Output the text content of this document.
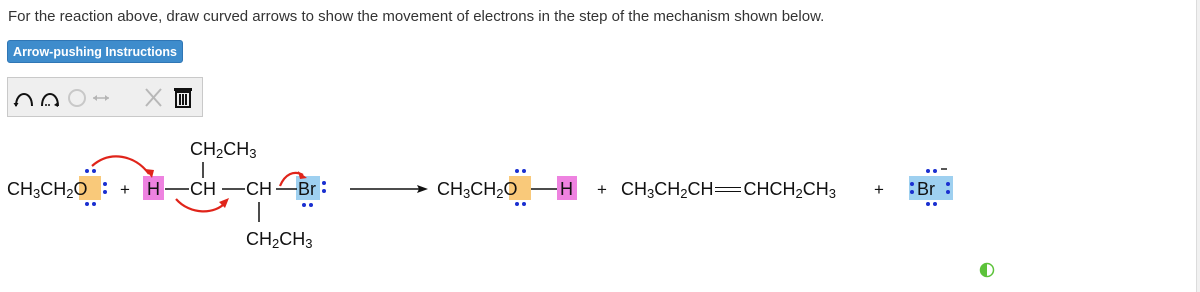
For the reaction above, draw curved arrows to show the movement of electrons in the step of the mechanism shown below.
Arrow-pushing Instructions
$CH_3CH_2O + H$ CH CH Br
$CH_2CH_3$
$CH_2CH_3$
$CH_3CH_2O$ $H + CH_3CH_2CH$ $CHCH_2CH_3 + Br$
